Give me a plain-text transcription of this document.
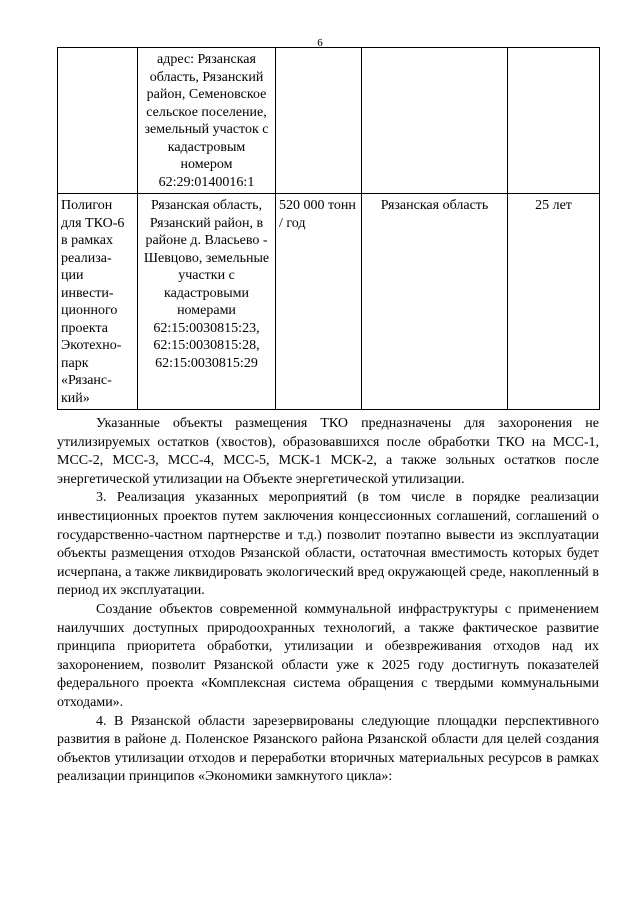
6
	адрес: Рязанская область, Рязанский район, Семеновское сельское поселение, земельный участок с кадастровым номером 62:29:0140016:1			
Полигон для ТКО-6 в рамках реализа-ции инвести-ционного проекта Экотехно-парк «Рязанс-кий»	Рязанская область, Рязанский район, в районе д. Власьево - Шевцово, земельные участки с кадастровыми номерами 62:15:0030815:23, 62:15:0030815:28, 62:15:0030815:29	520 000 тонн / год	Рязанская область	25 лет

Указанные объекты размещения ТКО предназначены для захоронения не утилизируемых остатков (хвостов), образовавшихся после обработки ТКО на МСС-1, МСС-2, МСС-3, МСС-4, МСС-5, МСК-1 МСК-2, а также зольных остатков после энергетической утилизации на Объекте энергетической утилизации.

3. Реализация указанных мероприятий (в том числе в порядке реализации инвестиционных проектов путем заключения концессионных соглашений, соглашений о государственно-частном партнерстве и т.д.) позволит поэтапно вывести из эксплуатации объекты размещения отходов Рязанской области, остаточная вместимость которых будет исчерпана, а также ликвидировать экологический вред окружающей среде, накопленный в период их эксплуатации.

Создание объектов современной коммунальной инфраструктуры с применением наилучших доступных природоохранных технологий, а также фактическое развитие принципа приоритета обработки, утилизации и обезвреживания отходов над их захоронением, позволит Рязанской области уже к 2025 году достигнуть показателей федерального проекта «Комплексная система обращения с твердыми коммунальными отходами».

4. В Рязанской области зарезервированы следующие площадки перспективного развития в районе д. Поленское Рязанского района Рязанской области для целей создания объектов утилизации отходов и переработки вторичных материальных ресурсов в рамках реализации принципов «Экономики замкнутого цикла»:
